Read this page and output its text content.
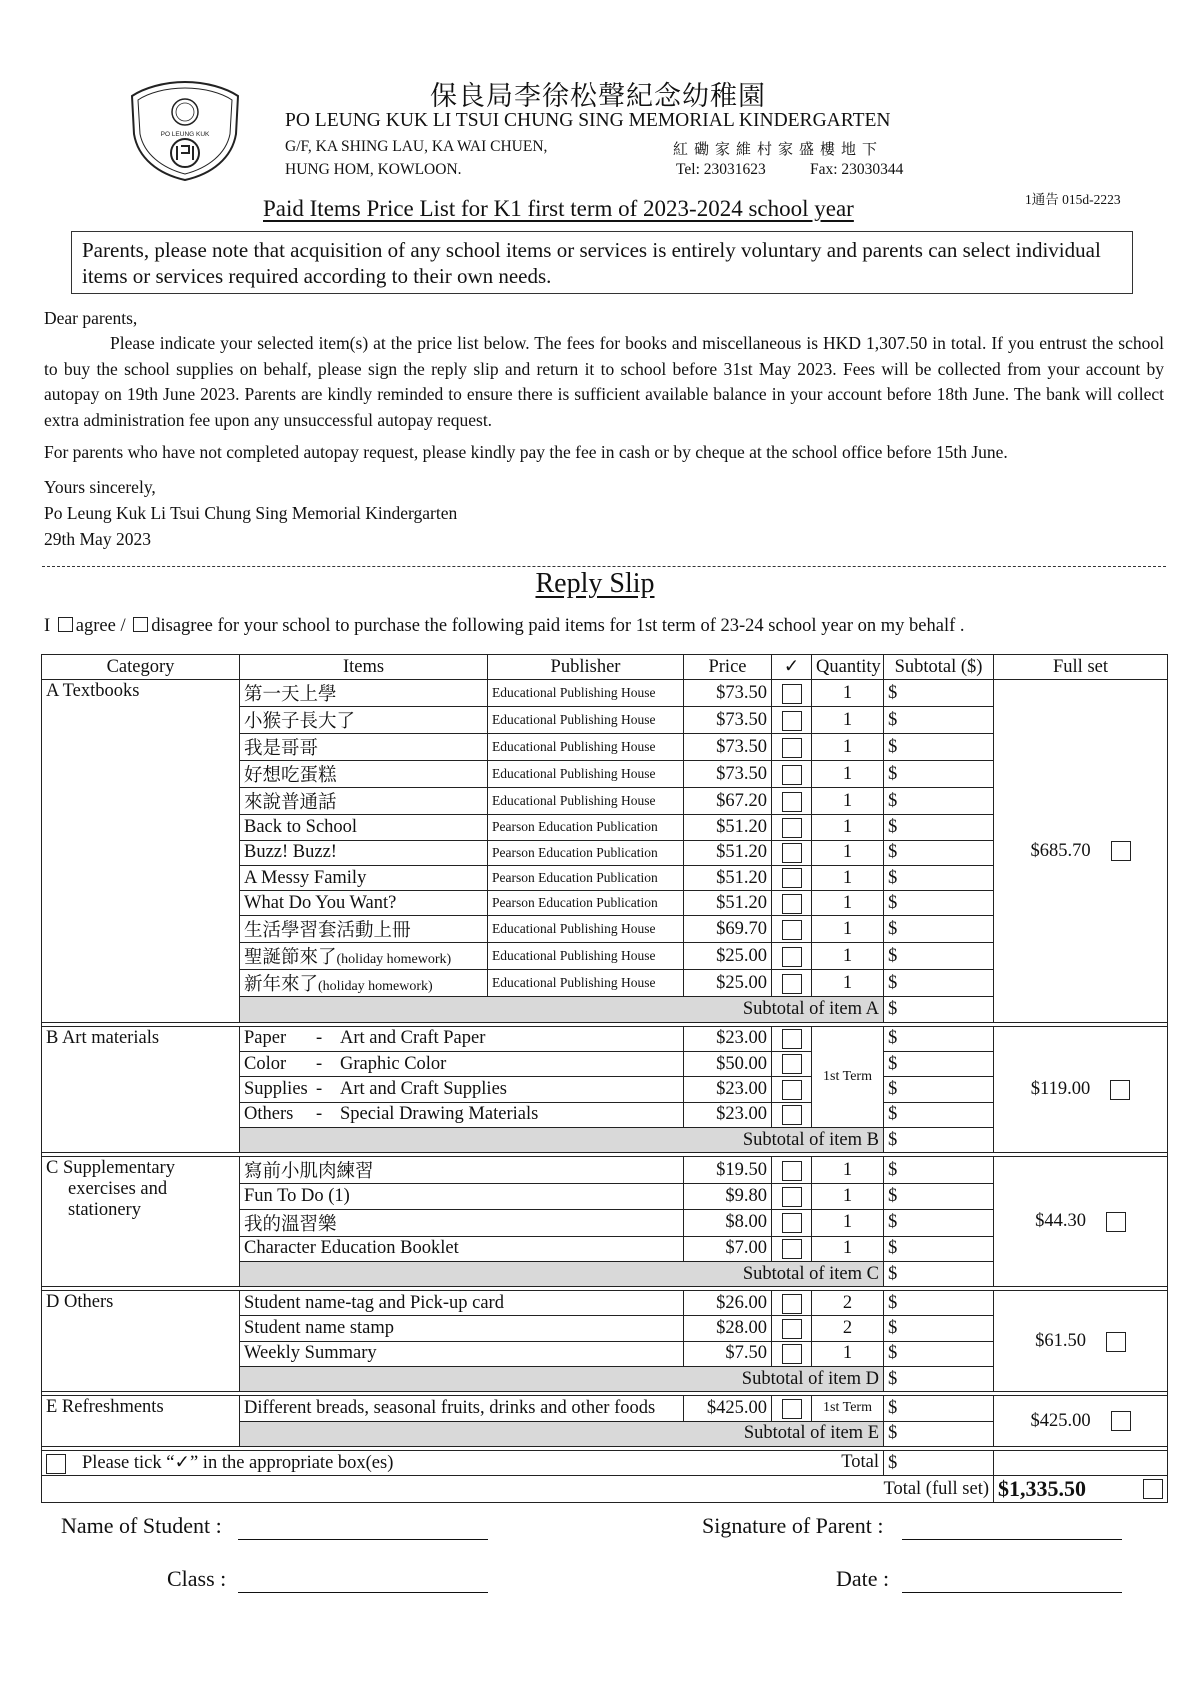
PO LEUNG KUK
保良局李徐松聲紀念幼稚園
PO LEUNG KUK LI TSUI CHUNG SING MEMORIAL KINDERGARTEN
G/F, KA SHING LAU, KA WAI CHUEN,
HUNG HOM, KOWLOON.
紅磡家維村家盛樓地下
Tel: 23031623	Fax: 23030344
1通告 015d-2223
Paid Items Price List for K1 first term of 2023-2024 school year
Parents, please note that acquisition of any school items or services is entirely voluntary and parents can select individual items or services required according to their own needs.
Dear parents,
Please indicate your selected item(s) at the price list below. The fees for books and miscellaneous is HKD 1,307.50 in total. If you entrust the school to buy the school supplies on behalf, please sign the reply slip and return it to school before 31st May 2023. Fees will be collected from your account by autopay on 19th June 2023. Parents are kindly reminded to ensure there is sufficient available balance in your account before 18th June. The bank will collect extra administration fee upon any unsuccessful autopay request.
For parents who have not completed autopay request, please kindly pay the fee in cash or by cheque at the school office before 15th June.
Yours sincerely,
Po Leung Kuk Li Tsui Chung Sing Memorial Kindergarten
29th May 2023
Reply Slip
I agree / disagree for your school to purchase the following paid items for 1st term of 23-24 school year on my behalf .
Category	Items	Publisher	Price	✓	Quantity	Subtotal ($)	Full set

A Textbooks	第一天上學	Educational Publishing House	$73.50		1	$	$685.70
	小猴子長大了	Educational Publishing House	$73.50		1	$	
	我是哥哥	Educational Publishing House	$73.50		1	$	
	好想吃蛋糕	Educational Publishing House	$73.50		1	$	
	來說普通話	Educational Publishing House	$67.20		1	$	
	Back to School	Pearson Education Publication	$51.20		1	$	
	Buzz! Buzz!	Pearson Education Publication	$51.20		1	$	
	A Messy Family	Pearson Education Publication	$51.20		1	$	
	What Do You Want?	Pearson Education Publication	$51.20		1	$	
	生活學習套活動上冊	Educational Publishing House	$69.70		1	$	
	聖誕節來了(holiday homework)	Educational Publishing House	$25.00		1	$	
	新年來了(holiday homework)	Educational Publishing House	$25.00		1	$	
	Subtotal of item A					$	

B Art materials	Paper - Art and Craft Paper		$23.00		1st Term	$	$119.00
	Color - Graphic Color		$50.00			$	
	Supplies - Art and Craft Supplies		$23.00			$	
	Others - Special Drawing Materials		$23.00			$	
	Subtotal of item B					$	

C Supplementary
exercises and
stationery	寫前小肌肉練習		$19.50		1	$	$44.30
	Fun To Do (1)		$9.80		1	$	
	我的溫習樂		$8.00		1	$	
	Character Education Booklet		$7.00		1	$	
	Subtotal of item C					$	

D Others	Student name-tag and Pick-up card		$26.00		2	$	$61.50
	Student name stamp		$28.00		2	$	
	Weekly Summary		$7.50		1	$	
	Subtotal of item D					$	

E Refreshments	Different breads, seasonal fruits, drinks and other foods		$425.00		1st Term	$	$425.00
	Subtotal of item E					$	

Please tick “✓” in the appropriate box(es) Total						$	
Total (full set)							$1,335.50
Name of Student :
Class :
Signature of Parent :
Date :
